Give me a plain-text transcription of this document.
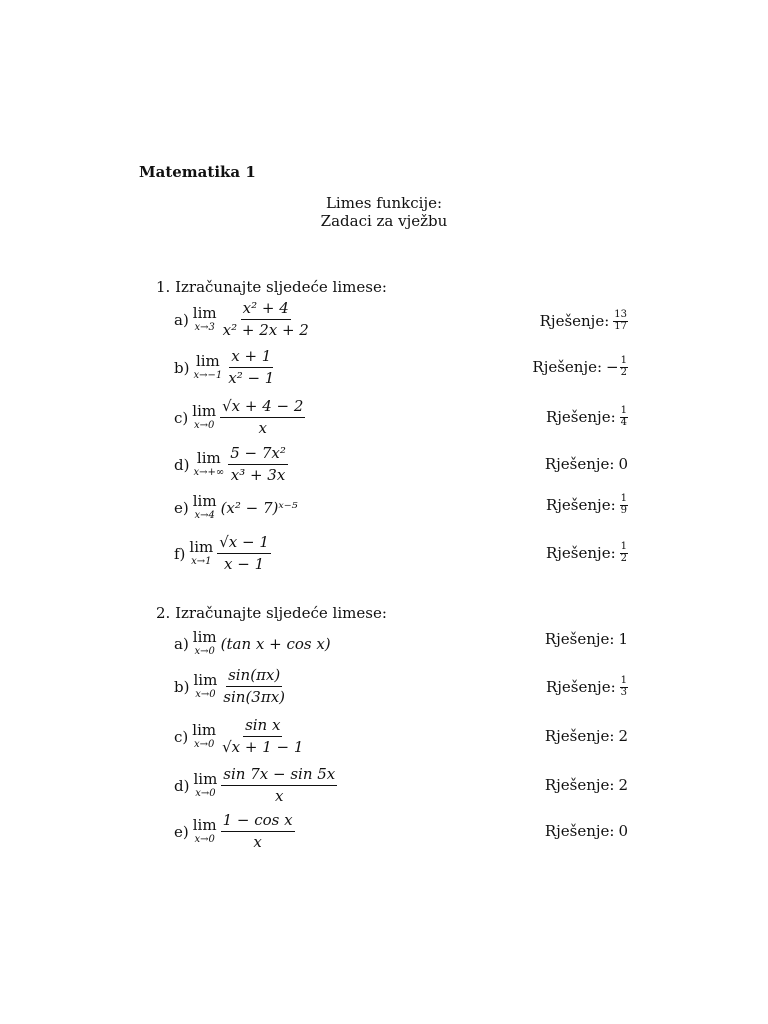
Matematika 1
Limes funkcije:
Zadaci za vježbu
1. Izračunajte sljedeće limese:
a) lim
$x\to 3 \frac{\text{x² + 4}}{\text{x² + 2x + 2}}$	Rješenje: 13
17
b) lim
$x\to-1 \frac{x + 1}{\text{x² − 1}}$	Rješenje: − $\frac{1}{2}$
c) lim
$x\to 0 \frac{√x + 4 - 2}{x}$	Rješenje: 1
4
d) lim
$x\to+\infty \frac{\text{5 − 7x²}}{\text{x³ + 3x}}$	Rješenje: 0
e) lim
x→4 (x² − 7)ˣ⁻⁵	Rješenje: 1
9
f) lim
$x\to 1 \frac{√x - 1}{x - 1}$	Rješenje: 1
2
2. Izračunajte sljedeće limese:
a) lim
x→0 (tan x + cos x)	Rješenje: 1
b) lim
$x\to 0 \frac{\sin(\pi x)}{\sin(3\pi x)}$	Rješenje: 1
3
c) lim
$x\to 0 \frac{\text{sin x}}{√x + 1 - 1}$	Rješenje: 2
d) lim
$x\to 0 \frac{\sin 7x - \sin 5x}{x}$	Rješenje: 2
e) lim
$x\to 0 \frac{\text{1 − cos x}}{x}$	Rješenje: 0
